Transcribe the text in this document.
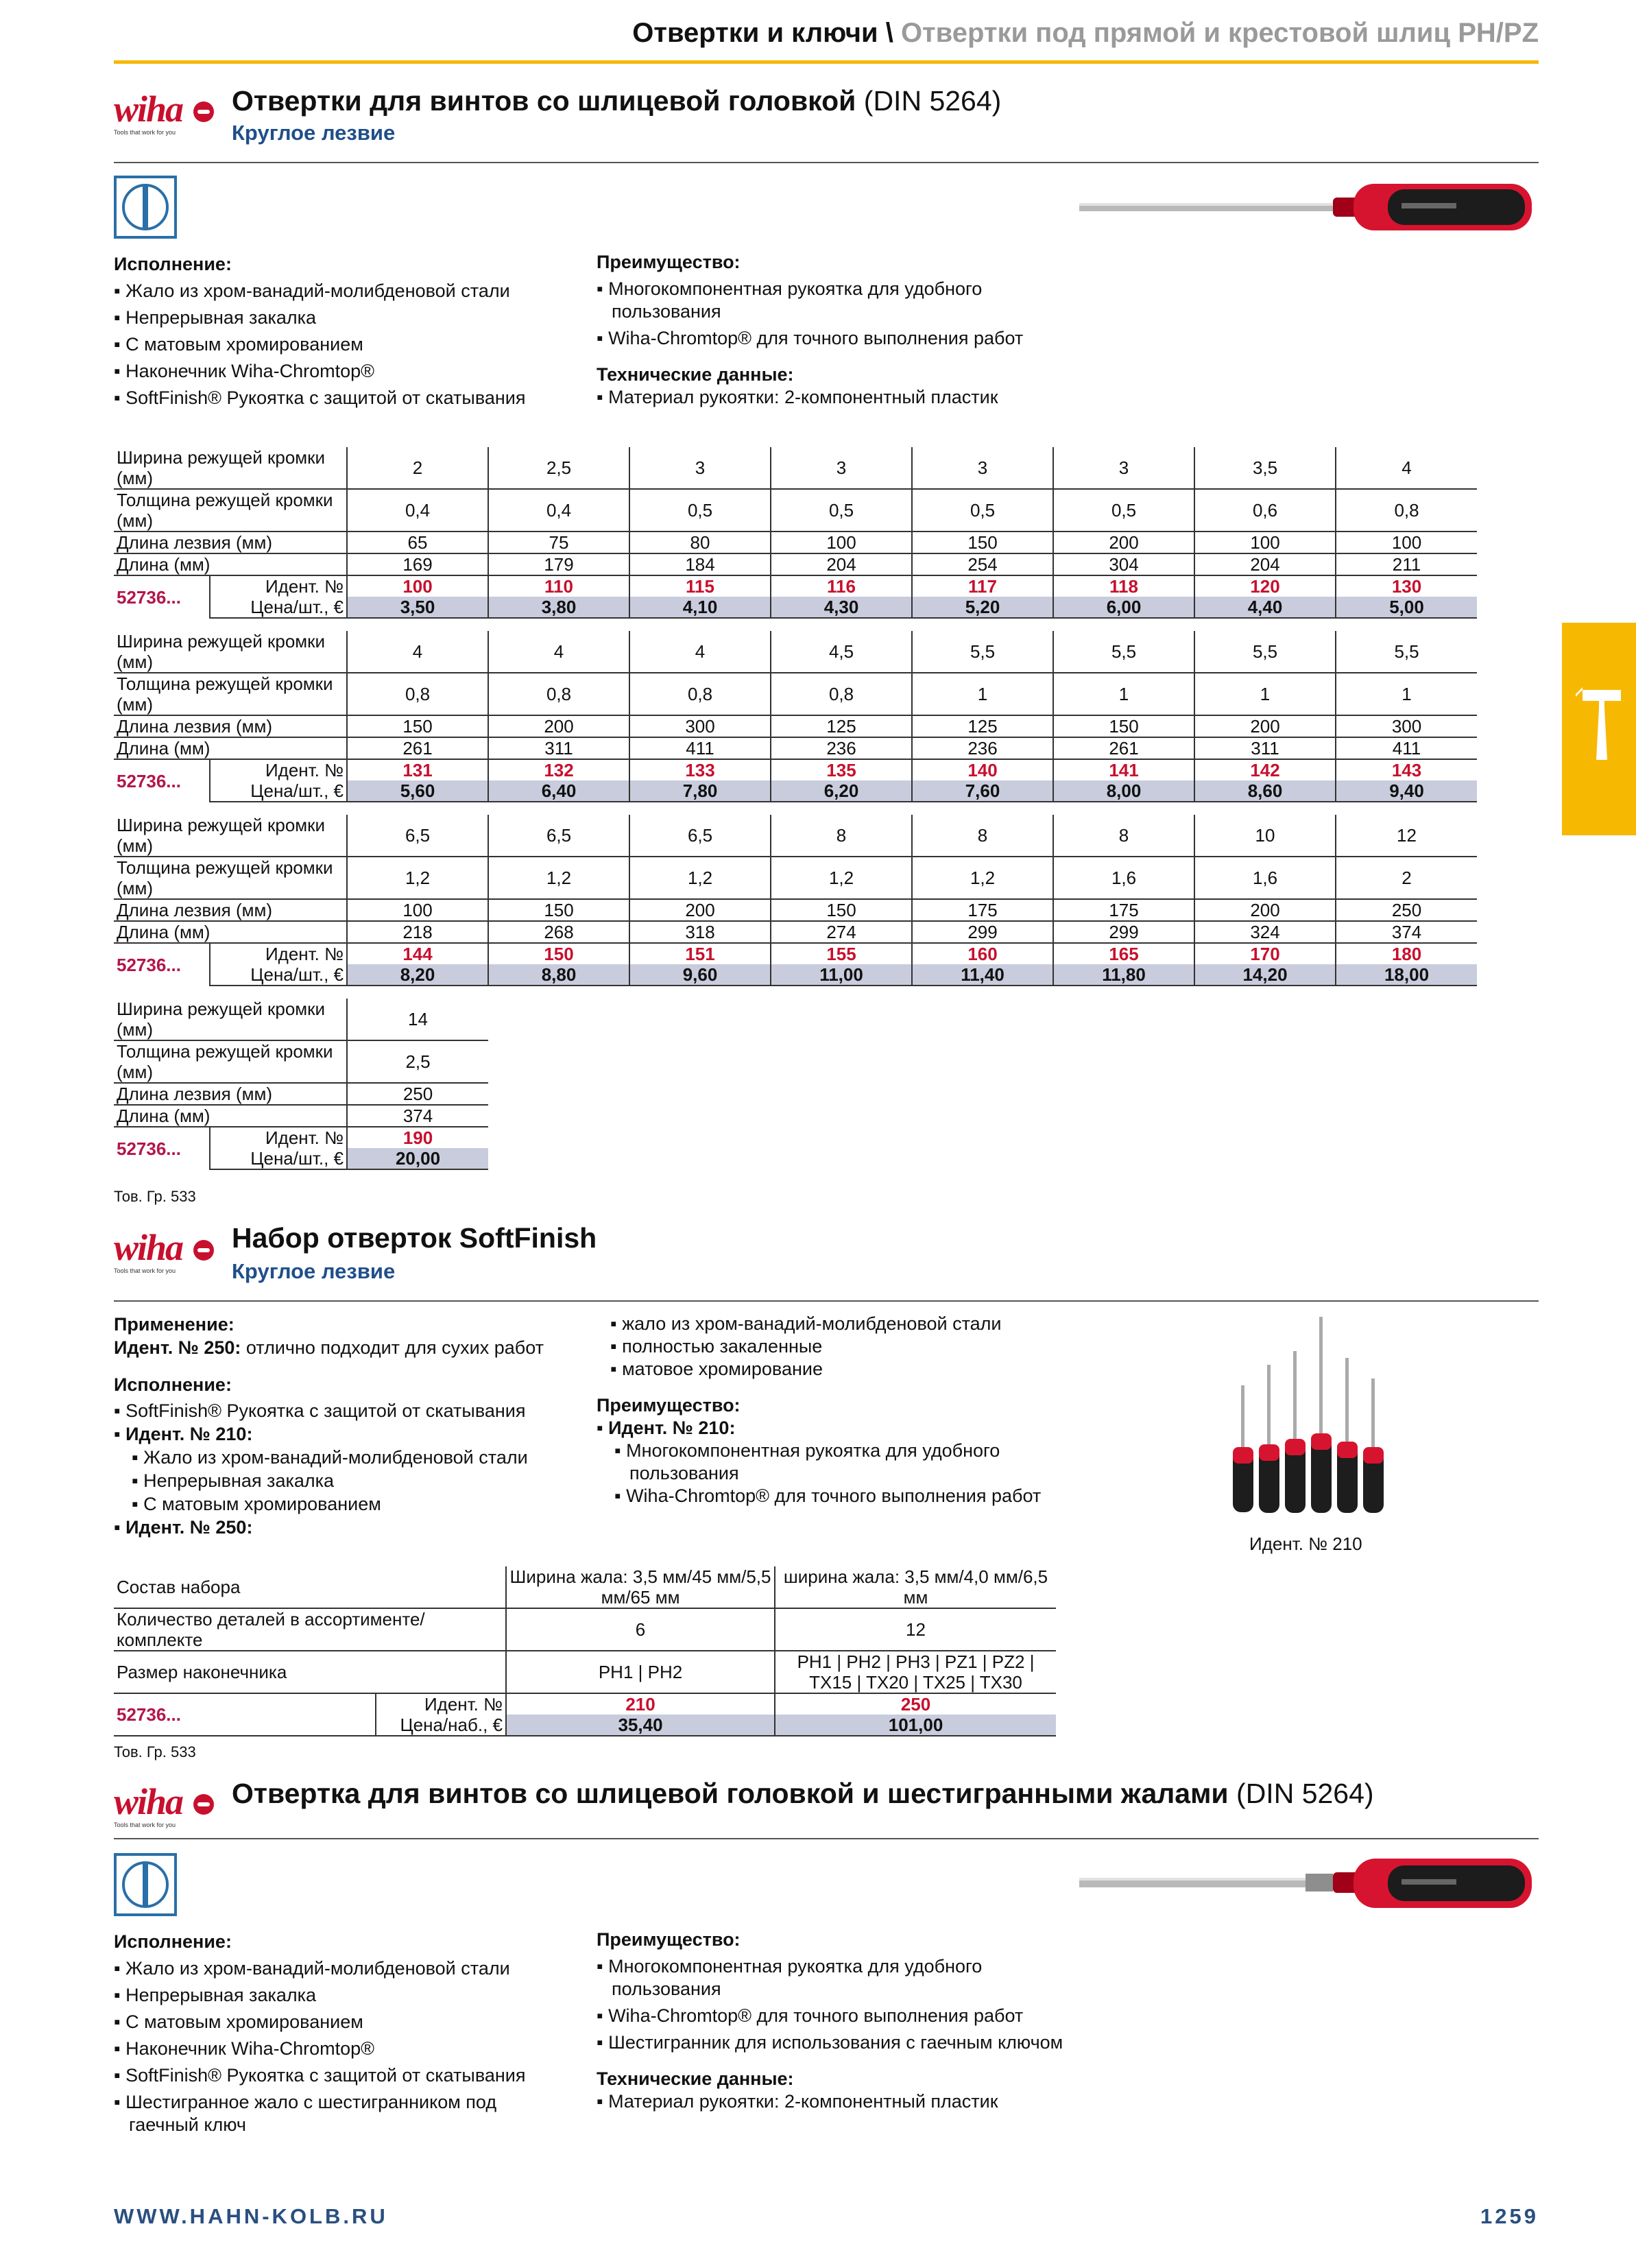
Отвертки и ключи \ Отвертки под прямой и крестовой шлиц PH/PZ
wiha
Tools that work for you
Отвертки для винтов со шлицевой головкой (DIN 5264)
Круглое лезвие
Исполнение:
▪ Жало из хром-ванадий-молибденовой стали
▪ Непрерывная закалка
▪ С матовым хромированием
▪ Наконечник Wiha-Chromtop®
▪ SoftFinish® Рукоятка с защитой от скатывания
Преимущество:
▪ Многокомпонентная рукоятка для удобного пользования
▪ Wiha-Chromtop® для точного выполнения работ
Технические данные:
▪ Материал рукоятки: 2-компонентный пластик
Ширина режущей кромки (мм)		2	2,5	3	3	3	3	3,5	4
Толщина режущей кромки (мм)		0,4	0,4	0,5	0,5	0,5	0,5	0,6	0,8
Длина лезвия (мм)		65	75	80	100	150	200	100	100
Длина (мм)		169	179	184	204	254	304	204	211
52736...	Идент. №	100	110	115	116	117	118	120	130
	Цена/шт., €	3,50	3,80	4,10	4,30	5,20	6,00	4,40	5,00
Ширина режущей кромки (мм)		4	4	4	4,5	5,5	5,5	5,5	5,5
Толщина режущей кромки (мм)		0,8	0,8	0,8	0,8	1	1	1	1
Длина лезвия (мм)		150	200	300	125	125	150	200	300
Длина (мм)		261	311	411	236	236	261	311	411
52736...	Идент. №	131	132	133	135	140	141	142	143
	Цена/шт., €	5,60	6,40	7,80	6,20	7,60	8,00	8,60	9,40
Ширина режущей кромки (мм)		6,5	6,5	6,5	8	8	8	10	12
Толщина режущей кромки (мм)		1,2	1,2	1,2	1,2	1,2	1,6	1,6	2
Длина лезвия (мм)		100	150	200	150	175	175	200	250
Длина (мм)		218	268	318	274	299	299	324	374
52736...	Идент. №	144	150	151	155	160	165	170	180
	Цена/шт., €	8,20	8,80	9,60	11,00	11,40	11,80	14,20	18,00
Ширина режущей кромки (мм)		14
Толщина режущей кромки (мм)		2,5
Длина лезвия (мм)		250
Длина (мм)		374
52736...	Идент. №	190
	Цена/шт., €	20,00
Тов. Гр. 533
wiha
Tools that work for you
Набор отверток SoftFinish
Круглое лезвие
Применение:
Идент. № 250: отлично подходит для сухих работ
Исполнение:
▪ SoftFinish® Рукоятка с защитой от скатывания
▪ Идент. № 210:
▪ Жало из хром-ванадий-молибденовой стали
▪ Непрерывная закалка
▪ С матовым хромированием
▪ Идент. № 250:
▪ жало из хром-ванадий-молибденовой стали
▪ полностью закаленные
▪ матовое хромирование
Преимущество:
▪ Идент. № 210:
▪ Многокомпонентная рукоятка для удобного пользования
▪ Wiha-Chromtop® для точного выполнения работ
Идент. № 210
Состав набора		Ширина жала: 3,5 мм/45 мм/5,5 мм/65 мм	ширина жала: 3,5 мм/4,0 мм/6,5 мм
Количество деталей в ассортименте/комплекте		6	12
Размер наконечника		PH1 | PH2	PH1 | PH2 | PH3 | PZ1 | PZ2 | TX15 | TX20 | TX25 | TX30
52736...	Идент. №	210	250
	Цена/наб., €	35,40	101,00
Тов. Гр. 533
wiha
Tools that work for you
Отвертка для винтов со шлицевой головкой и шестигранными жалами (DIN 5264)
Исполнение:
▪ Жало из хром-ванадий-молибденовой стали
▪ Непрерывная закалка
▪ С матовым хромированием
▪ Наконечник Wiha-Chromtop®
▪ SoftFinish® Рукоятка с защитой от скатывания
▪ Шестигранное жало с шестигранником под гаечный ключ
Преимущество:
▪ Многокомпонентная рукоятка для удобного пользования
▪ Wiha-Chromtop® для точного выполнения работ
▪ Шестигранник для использования с гаечным ключом
Технические данные:
▪ Материал рукоятки: 2-компонентный пластик
WWW.HAHN-KOLB.RU	1259
